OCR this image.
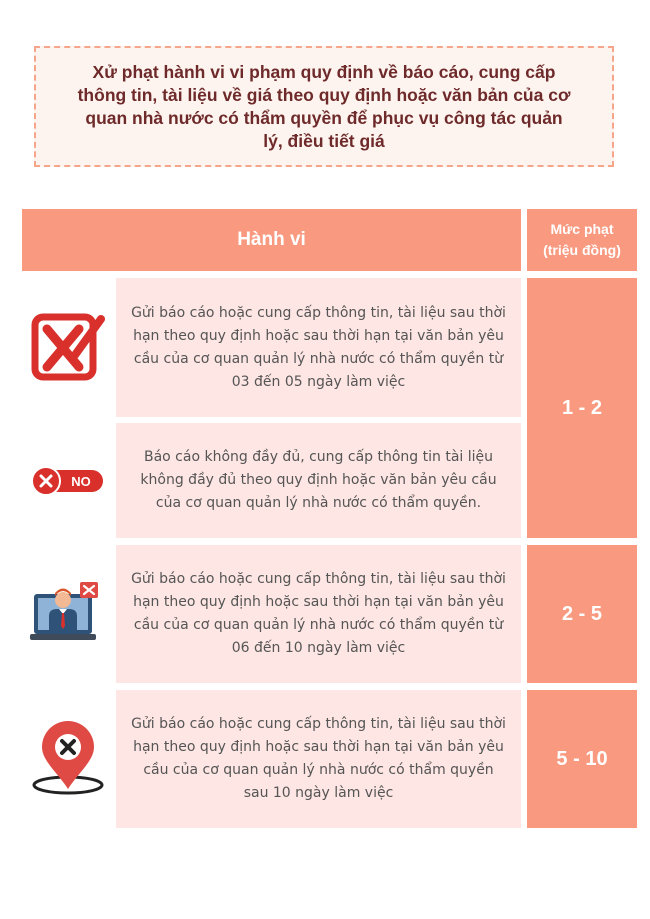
Xử phạt hành vi vi phạm quy định về báo cáo, cung cấp thông tin, tài liệu về giá theo quy định hoặc văn bản của cơ quan nhà nước có thẩm quyền để phục vụ công tác quản lý, điều tiết giá
Hành vi	Mức phạt
(triệu đồng)

Gửi báo cáo hoặc cung cấp thông tin, tài liệu sau thời hạn theo quy định hoặc sau thời hạn tại văn bản yêu cầu của cơ quan quản lý nhà nước có thẩm quyền từ 03 đến 05 ngày làm việc

NO

Báo cáo không đầy đủ, cung cấp thông tin tài liệu không đầy đủ theo quy định hoặc văn bản yêu cầu của cơ quan quản lý nhà nước có thẩm quyền.

1 - 2

Gửi báo cáo hoặc cung cấp thông tin, tài liệu sau thời hạn theo quy định hoặc sau thời hạn tại văn bản yêu cầu của cơ quan quản lý nhà nước có thẩm quyền từ 06 đến 10 ngày làm việc

2 - 5

Gửi báo cáo hoặc cung cấp thông tin, tài liệu sau thời hạn theo quy định hoặc sau thời hạn tại văn bản yêu cầu của cơ quan quản lý nhà nước có thẩm quyền sau 10 ngày làm việc

5 - 10
